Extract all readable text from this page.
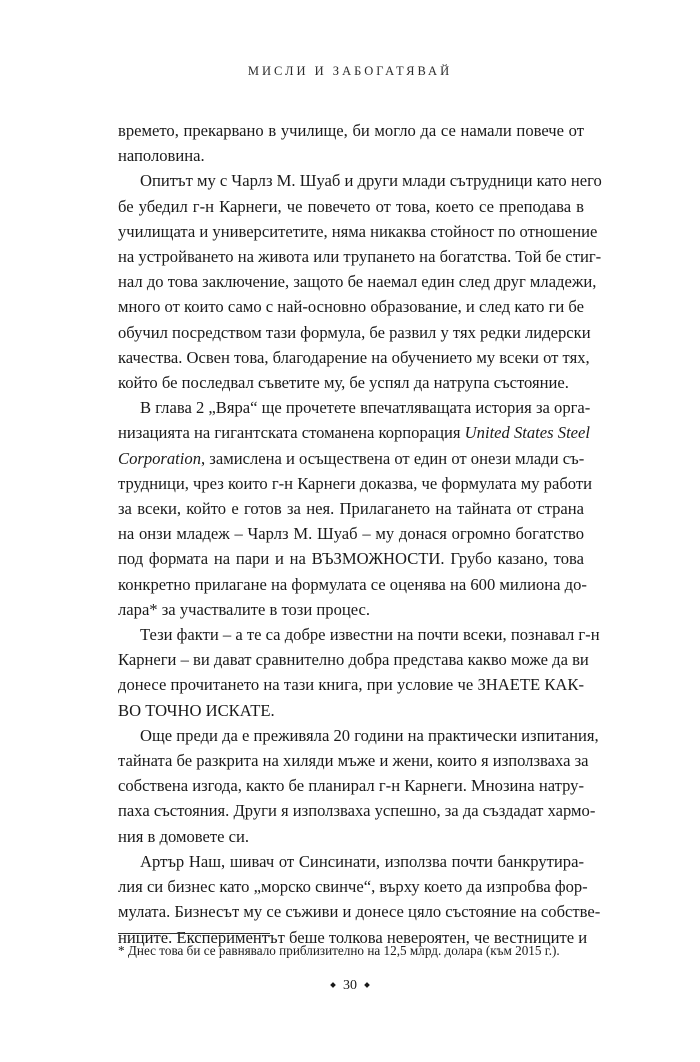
МИСЛИ И ЗАБОГАТЯВАЙ
времето, прекарвано в училище, би могло да се намали повече от
наполовина.
Опитът му с Чарлз М. Шуаб и други млади сътрудници като него
бе убедил г-н Карнеги, че повечето от това, което се преподава в
училищата и университетите, няма никаква стойност по отношение
на устройването на живота или трупането на богатства. Той бе стиг-
нал до това заключение, защото бе наемал един след друг младежи,
много от които само с най-основно образование, и след като ги бе
обучил посредством тази формула, бе развил у тях редки лидерски
качества. Освен това, благодарение на обучението му всеки от тях,
който бе последвал съветите му, бе успял да натрупа състояние.
В глава 2 „Вяра“ ще прочетете впечатляващата история за орга-
низацията на гигантската стоманена корпорация United States Steel
Corporation, замислена и осъществена от един от онези млади съ-
трудници, чрез които г-н Карнеги доказва, че формулата му работи
за всеки, който е готов за нея. Прилагането на тайната от страна
на онзи младеж – Чарлз М. Шуаб – му донася огромно богатство
под формата на пари и на ВЪЗМОЖНОСТИ. Грубо казано, това
конкретно прилагане на формулата се оценява на 600 милиона до-
лара* за участвалите в този процес.
Тези факти – а те са добре известни на почти всеки, познавал г-н
Карнеги – ви дават сравнително добра представа какво може да ви
донесе прочитането на тази книга, при условие че ЗНАЕТЕ КАК-
ВО ТОЧНО ИСКАТЕ.
Още преди да е преживяла 20 години на практически изпитания,
тайната бе разкрита на хиляди мъже и жени, които я използваха за
собствена изгода, както бе планирал г-н Карнеги. Мнозина натру-
паха състояния. Други я използваха успешно, за да създадат хармо-
ния в домовете си.
Артър Наш, шивач от Синсинати, използва почти банкрутира-
лия си бизнес като „морско свинче“, върху което да изпробва фор-
мулата. Бизнесът му се съживи и донесе цяло състояние на собстве-
ниците. Експериментът беше толкова невероятен, че вестниците и
* Днес това би се равнявало приблизително на 12,5 млрд. долара (към 2015 г.).
30
